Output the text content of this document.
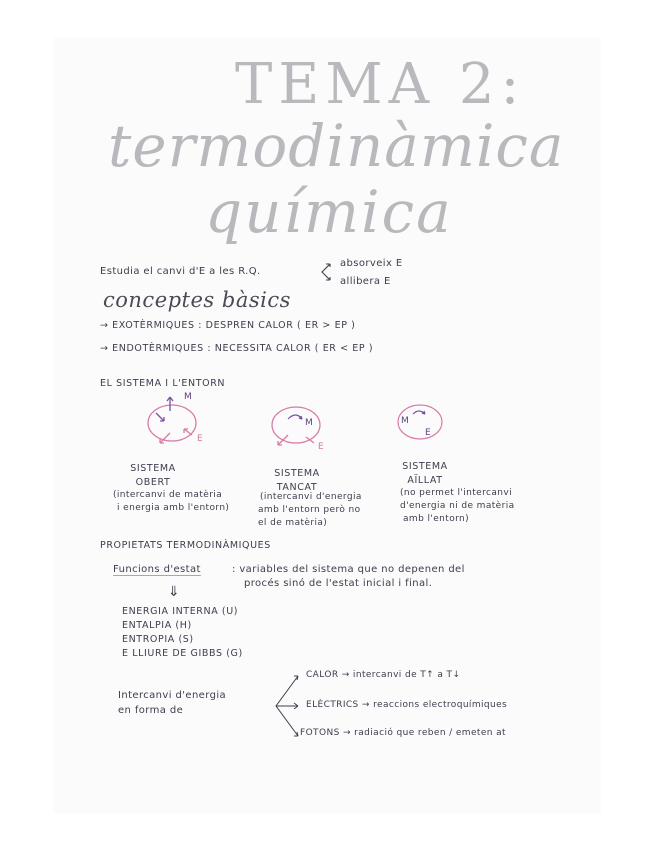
TEMA 2:
termodinàmica
química
Estudia el canvi d'E a les R.Q.
absorveix E
allibera E
conceptes bàsics
→ EXOTÈRMIQUES : DESPREN CALOR ( ER > EP )
→ ENDOTÈRMIQUES : NECESSITA CALOR ( ER < EP )
EL SISTEMA I L'ENTORN
M
E
M
E
M
E
SISTEMA OBERT
(intercanvi de matèria
i energia amb l'entorn)
SISTEMA TANCAT
(intercanvi d'energia
amb l'entorn però no
el de matèria)
SISTEMA AÏLLAT
(no permet l'intercanvi
d'energia ni de matèria
amb l'entorn)
PROPIETATS TERMODINÀMIQUES
Funcions d'estat	: variables del sistema que no depenen del
procés sinó de l'estat inicial i final.
⇓
ENERGIA INTERNA (U)
ENTALPIA (H)
ENTROPIA (S)
E LLIURE DE GIBBS (G)
Intercanvi d'energia
en forma de
CALOR → intercanvi de T↑ a T↓
ELÈCTRICS → reaccions electroquímiques
FOTONS → radiació que reben / emeten at
